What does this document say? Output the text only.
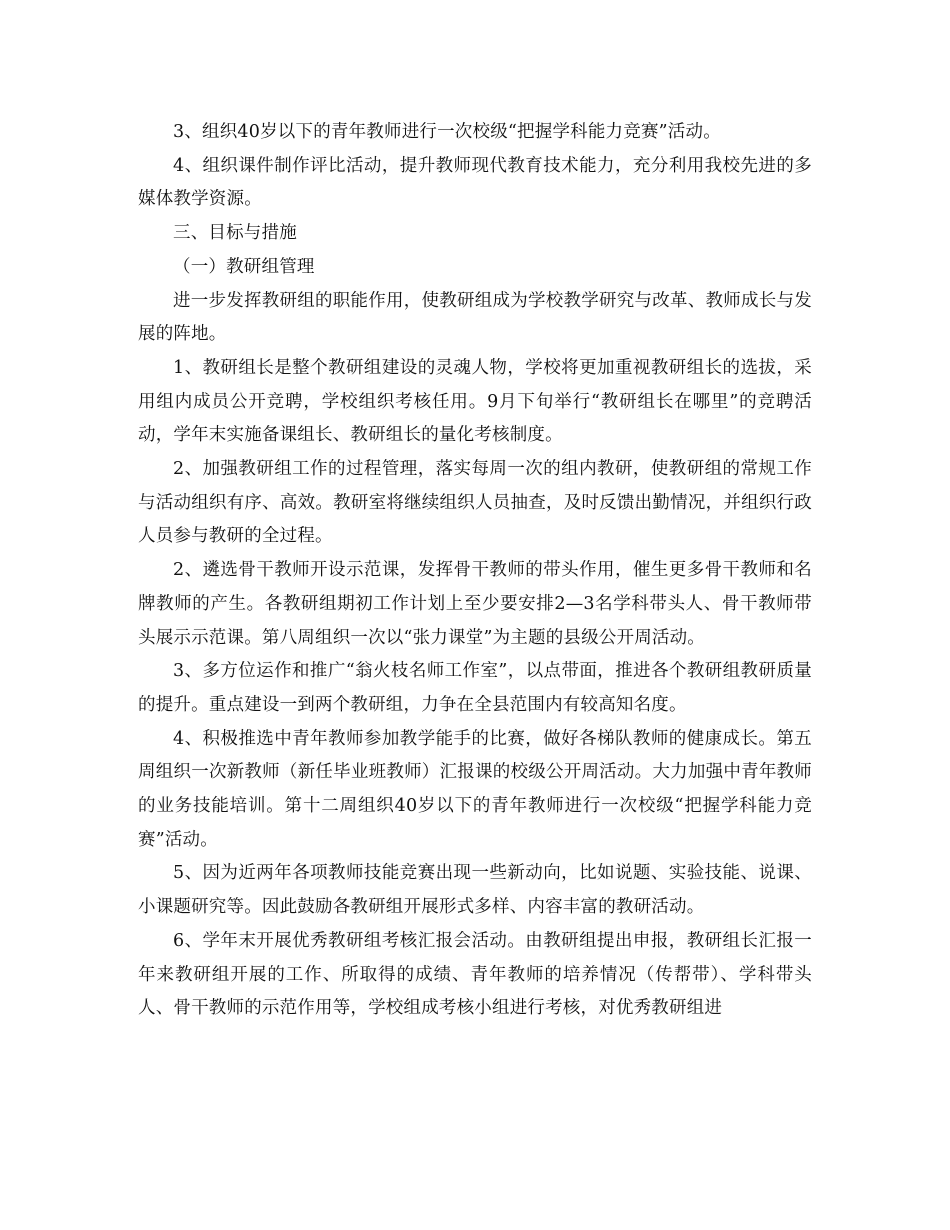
3、组织40岁以下的青年教师进行一次校级“把握学科能力竞赛”活动。

4、组织课件制作评比活动，提升教师现代教育技术能力，充分利用我校先进的多媒体教学资源。

三、目标与措施

（一）教研组管理

进一步发挥教研组的职能作用，使教研组成为学校教学研究与改革、教师成长与发展的阵地。

1、教研组长是整个教研组建设的灵魂人物，学校将更加重视教研组长的选拔，采用组内成员公开竞聘，学校组织考核任用。9月下旬举行“教研组长在哪里”的竞聘活动，学年末实施备课组长、教研组长的量化考核制度。

2、加强教研组工作的过程管理，落实每周一次的组内教研，使教研组的常规工作与活动组织有序、高效。教研室将继续组织人员抽查，及时反馈出勤情况，并组织行政人员参与教研的全过程。

2、遴选骨干教师开设示范课，发挥骨干教师的带头作用，催生更多骨干教师和名牌教师的产生。各教研组期初工作计划上至少要安排2—3名学科带头人、骨干教师带头展示示范课。第八周组织一次以“张力课堂”为主题的县级公开周活动。

3、多方位运作和推广“翁火枝名师工作室”，以点带面，推进各个教研组教研质量的提升。重点建设一到两个教研组，力争在全县范围内有较高知名度。

4、积极推选中青年教师参加教学能手的比赛，做好各梯队教师的健康成长。第五周组织一次新教师（新任毕业班教师）汇报课的校级公开周活动。大力加强中青年教师的业务技能培训。第十二周组织40岁以下的青年教师进行一次校级“把握学科能力竞赛”活动。

5、因为近两年各项教师技能竞赛出现一些新动向，比如说题、实验技能、说课、小课题研究等。因此鼓励各教研组开展形式多样、内容丰富的教研活动。

6、学年末开展优秀教研组考核汇报会活动。由教研组提出申报，教研组长汇报一年来教研组开展的工作、所取得的成绩、青年教师的培养情况（传帮带）、学科带头人、骨干教师的示范作用等，学校组成考核小组进行考核，对优秀教研组进
